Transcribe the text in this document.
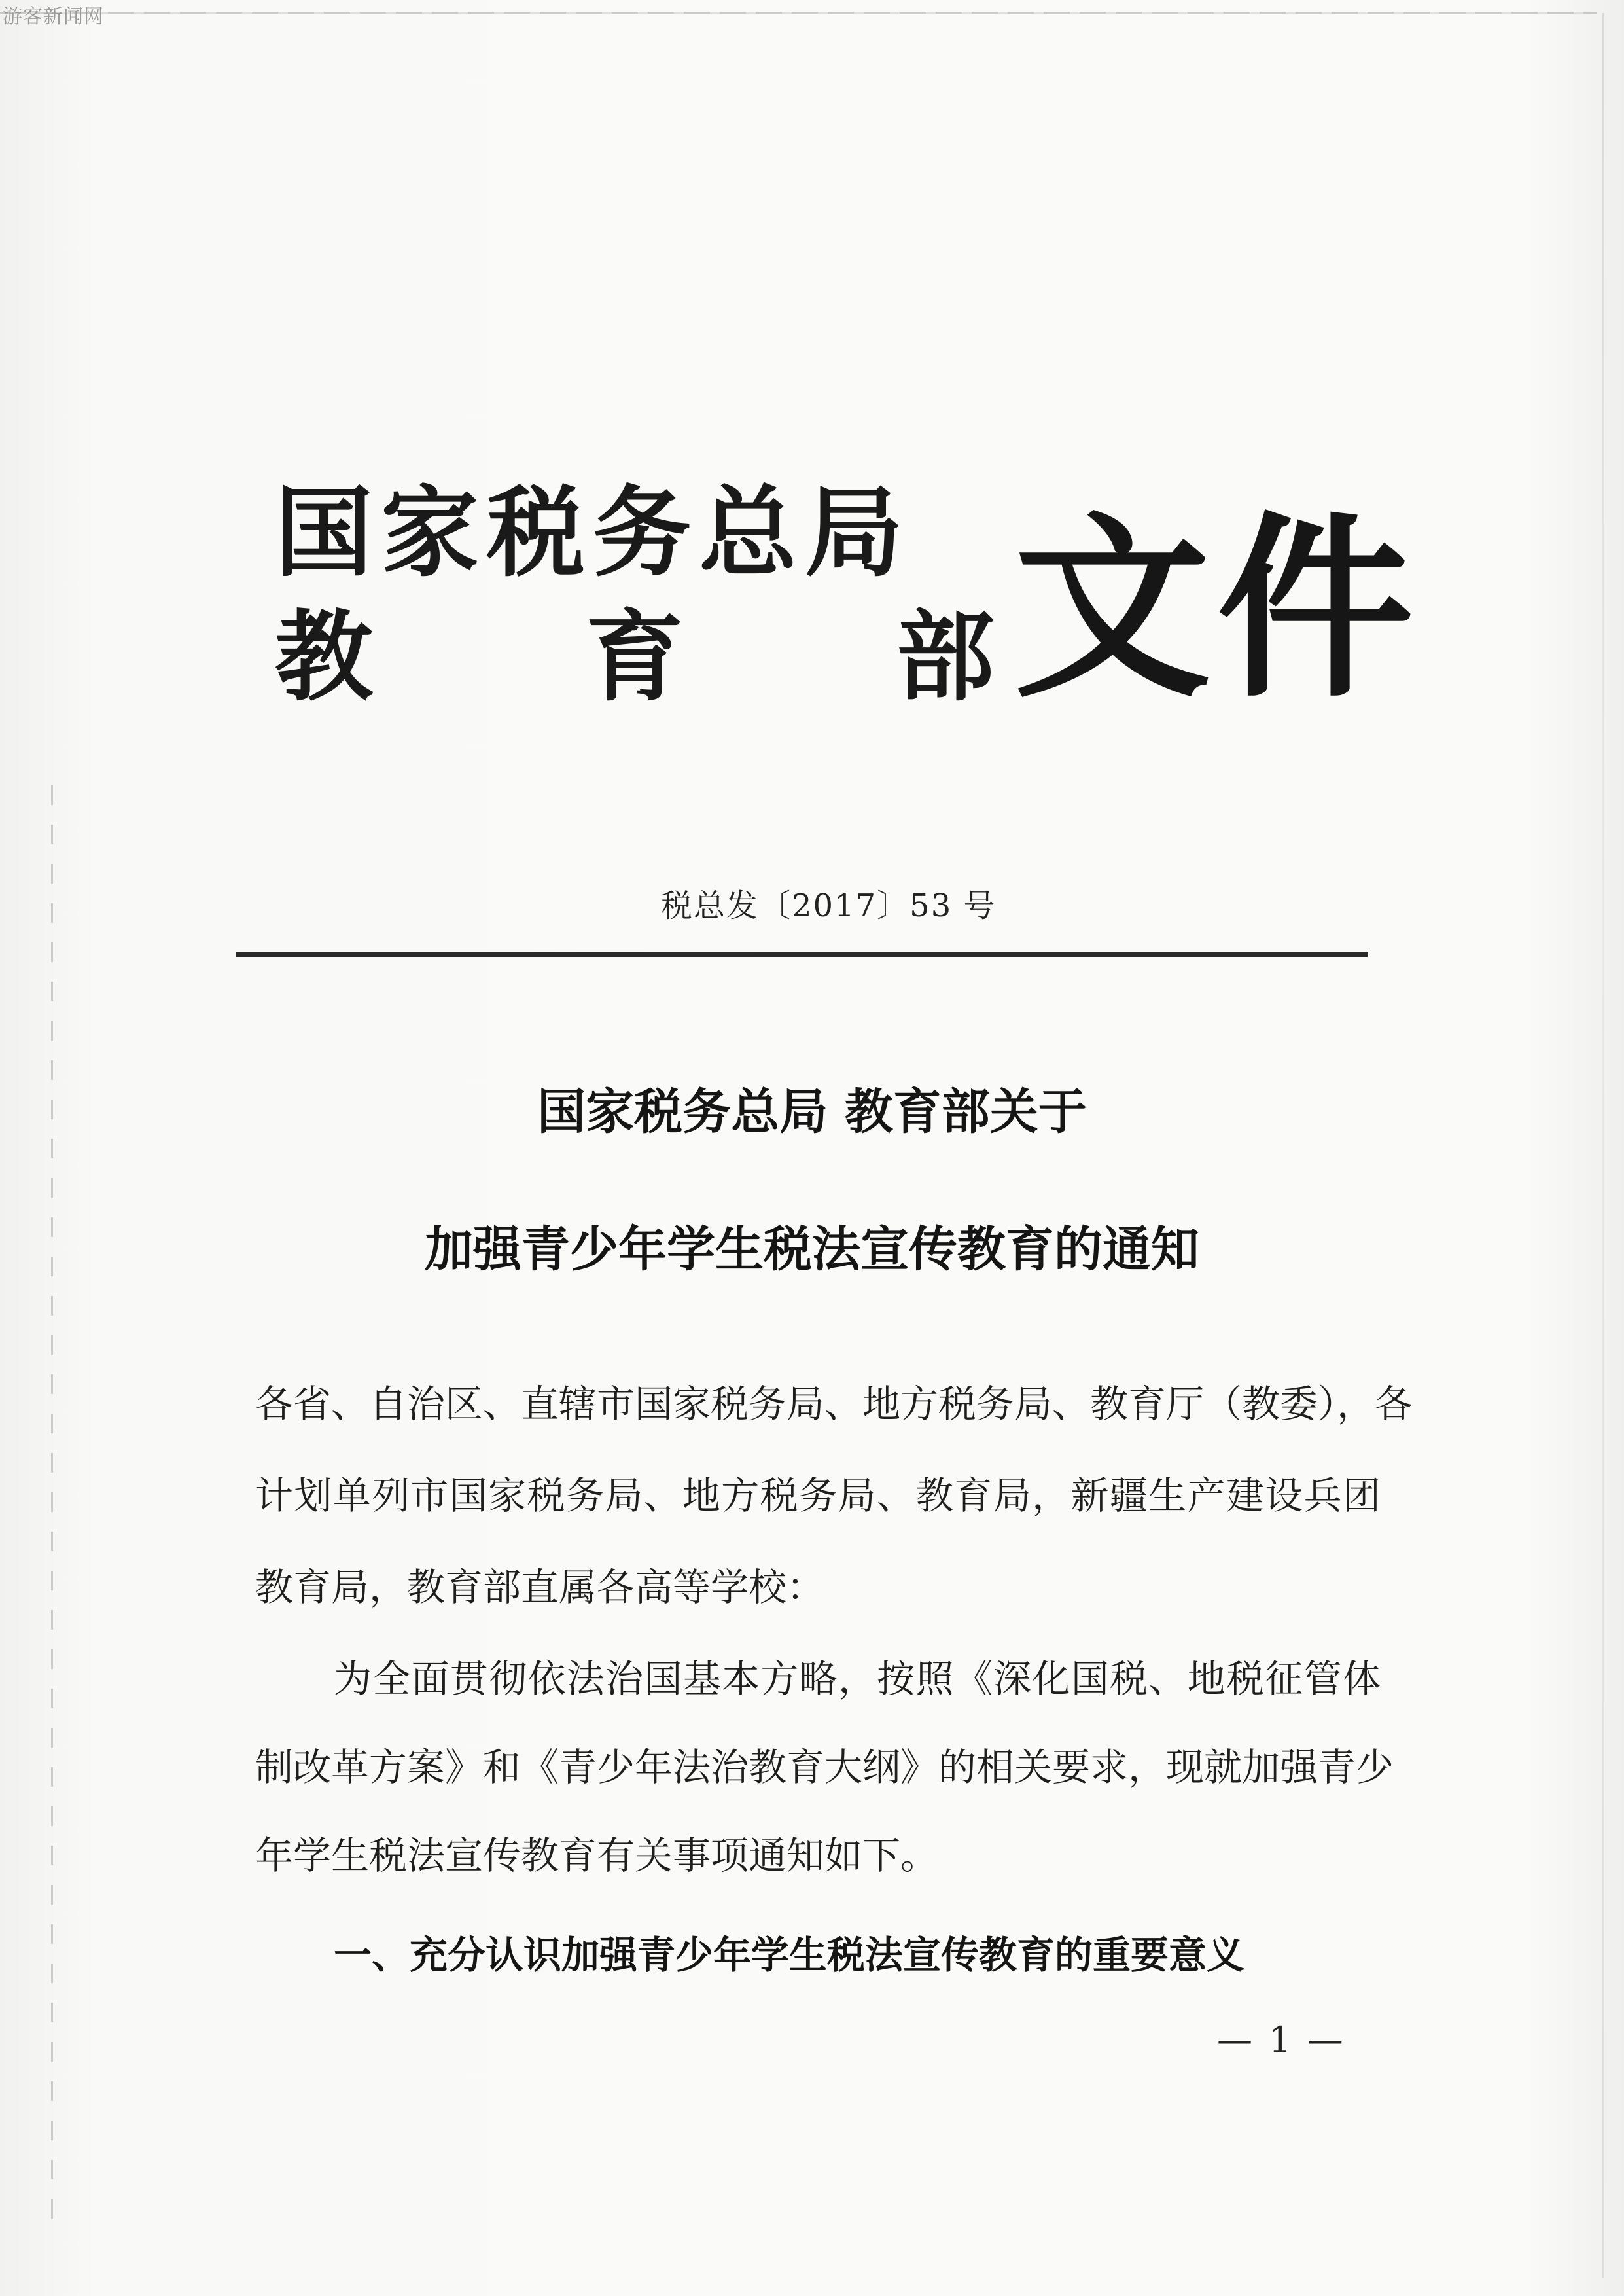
游客新闻网
国家税务总局
教 育 部 文件
税总发〔2017〕53 号
国家税务总局 教育部关于
加强青少年学生税法宣传教育的通知
各省、自治区、直辖市国家税务局、地方税务局、教育厅（教委），各
计划单列市国家税务局、地方税务局、教育局，新疆生产建设兵团
教育局，教育部直属各高等学校：
为全面贯彻依法治国基本方略，按照《深化国税、地税征管体
制改革方案》和《青少年法治教育大纲》的相关要求，现就加强青少
年学生税法宣传教育有关事项通知如下。
一、充分认识加强青少年学生税法宣传教育的重要意义
— 1 —
